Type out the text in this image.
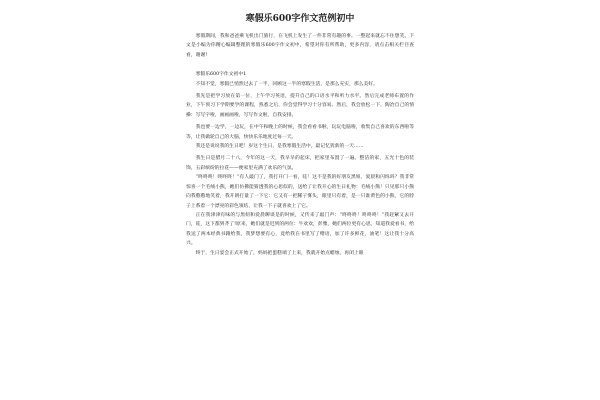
寒假乐600字作文范例初中

寒假期间，我和爸爸乘飞机出门旅行，在飞机上发生了一件非常有趣的事。一整起来就忘不住想笑。下文是小编为你精心编辑整理的寒假乐600字作文初中，希望对你有所帮助，更多内容，请点击相关栏目查看，谢谢!

寒假乐600字作文初中1

不知不觉，寒假已悄然过去了一半，回顾这一半的寒假生活，是那么充实，那么美好。

我先是把学习放在第一位，上午学习英语，提升自己的口语水平和听力水平。然后完成老师布置的作业，下午预习下学期要学的课程，熟悉之后，你会觉得学习十分容易。然后，我会放松一下，陶冶自己的情操：写写字啦，画画画啦，写写作文啦，自我安排。

我也要一边学，一边玩，在中午和晚上的时候，我会看看书啦，玩玩电脑啦，收集自己喜欢的东西啦等等，让我做轮自己的大脑，快快乐乐地度过每一天。

我还是说说我的生日吧！岁这个生日，是我寒假生活中，最记忆犹新的一天……

我生日是腊月二十八，今年的这一天，我早早的起床，把家里布置了一遍。整洁的家，五光十色的装饰，五彩缤纷的拉花——便家里充满了欢乐的气氛。

“咚咚咚！咚咚咚！”有人敲门了，我打开门一看，哇！这不是我的好朋友黑妞、爱晨和闪烁吗？我非常惊喜一个毛绒小熊，她们仿佛能猜透我的心思似的，送给了让我开心的生日礼物：毛绒小熊！只见那只小熊向我憨憨地笑着，我开朗打量了一下它：它又有一把稀子雾头，眼里只有着，是一只谁黄色的小熊，它的脖子上系着一个漂亮的彩色领结，让我一下子就喜欢上了它。

正在我津津有味的与黑妞和爱晨聊谈是的时候，又传来了敲门声：“咚咚咚！咚咚咚！”我赶紧又去开门，哇，这下都到齐了!原来，她们就是迟到的两位：牛欢欢，彭雅，她们两位更有心思，知道我爱看书，给我送了两本经典书籍给我，我梦想要有心，竟给我在书里写了赠语，加了许多鲜花，油笔！这让我十分高兴。

终于，生日宴会正式开始了，妈妈把蛋糕端了上来，我就开始点蜡烛，再闭上眼
